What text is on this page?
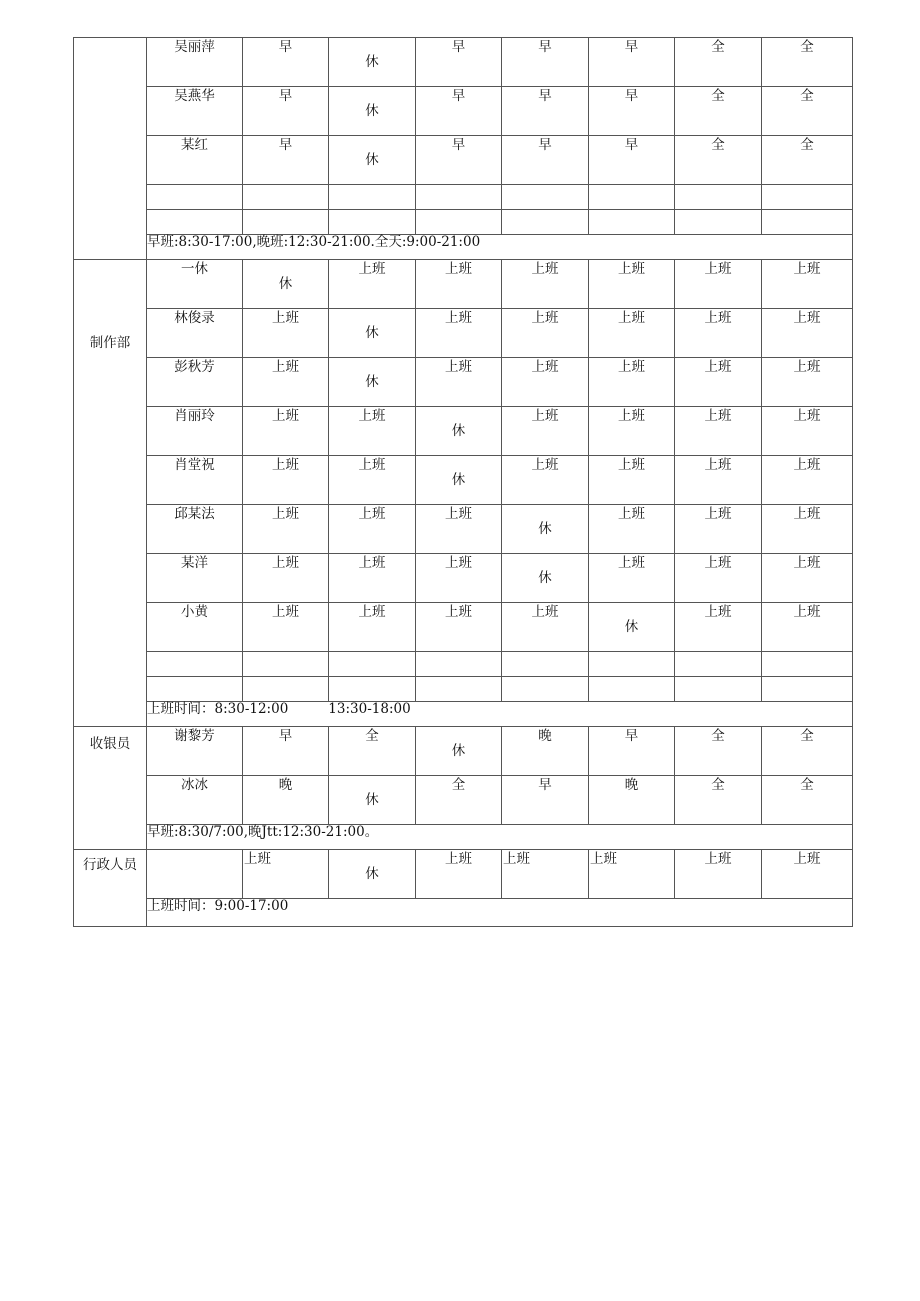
	吴丽萍	早	休	早	早	早	全	全

	吴燕华	早	休	早	早	早	全	全

	某红	早	休	早	早	早	全	全

	早班:8:30-17:00,晚班:12:30-21:00.全天:9:00-21:00							

制作部	一休	休	上班	上班	上班	上班	上班	上班

	林俊录	上班	休	上班	上班	上班	上班	上班

	彭秋芳	上班	休	上班	上班	上班	上班	上班

	肖丽玲	上班	上班	休	上班	上班	上班	上班

	肖堂祝	上班	上班	休	上班	上班	上班	上班

	邱某法	上班	上班	上班	休	上班	上班	上班

	某洋	上班	上班	上班	休	上班	上班	上班

	小黄	上班	上班	上班	上班	休	上班	上班

	上班时间：8:30-12:00 13:30-18:00							

收银员	谢黎芳	早	全	休	晚	早	全	全

	冰冰	晚	休	全	早	晚	全	全

	早班:8:30/7:00,晚Jtt:12:30-21:00。							

行政人员		上班	休	上班	上班	上班	上班	上班

	上班时间：9:00-17:00							
